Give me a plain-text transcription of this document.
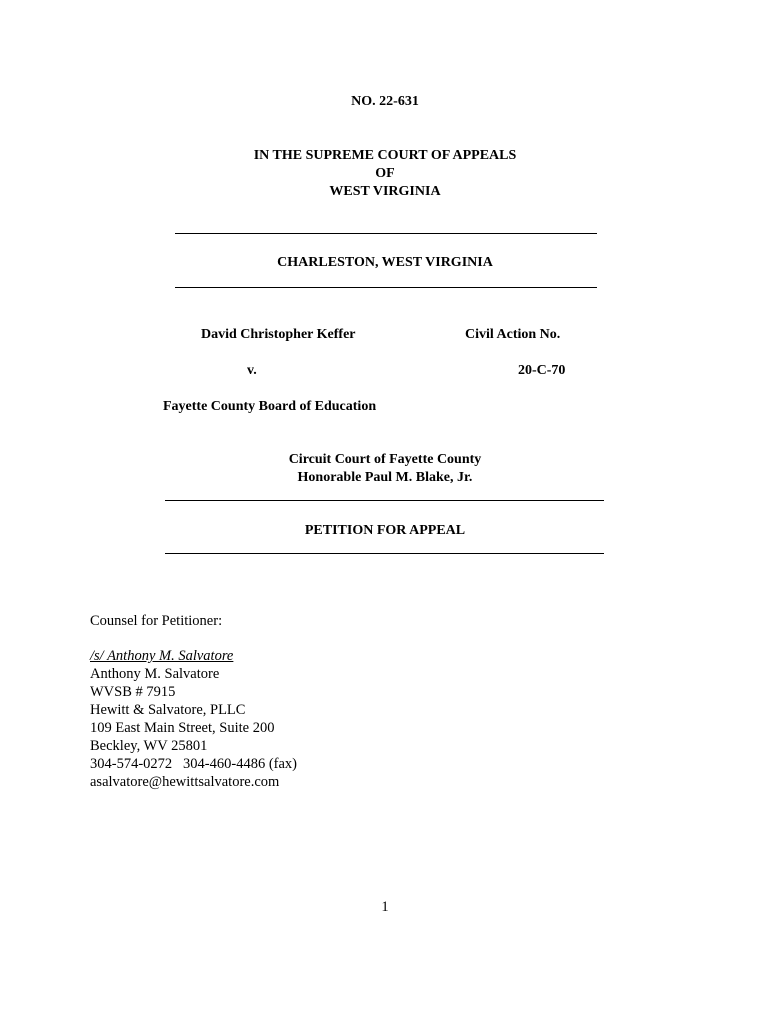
NO. 22-631
IN THE SUPREME COURT OF APPEALS
OF
WEST VIRGINIA
CHARLESTON, WEST VIRGINIA
David Christopher Keffer	Civil Action No.
v.	20-C-70
Fayette County Board of Education
Circuit Court of Fayette County
Honorable Paul M. Blake, Jr.
PETITION FOR APPEAL
Counsel for Petitioner:
/s/ Anthony M. Salvatore
Anthony M. Salvatore
WVSB # 7915
Hewitt & Salvatore, PLLC
109 East Main Street, Suite 200
Beckley, WV 25801
304-574-0272   304-460-4486 (fax)
asalvatore@hewittsalvatore.com
1
